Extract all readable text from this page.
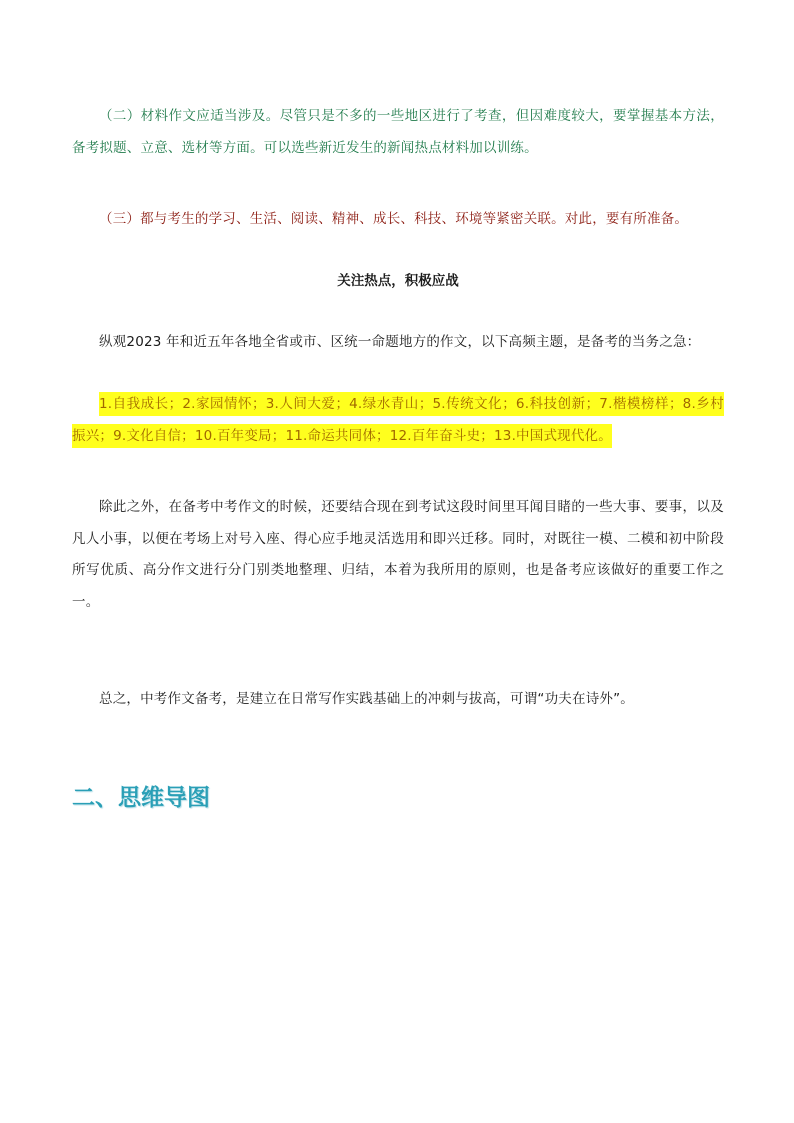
（二）材料作文应适当涉及。尽管只是不多的一些地区进行了考查，但因难度较大，要掌握基本方法，备考拟题、立意、选材等方面。可以选些新近发生的新闻热点材料加以训练。

（三）都与考生的学习、生活、阅读、精神、成长、科技、环境等紧密关联。对此，要有所准备。

关注热点，积极应战

纵观2023 年和近五年各地全省或市、区统一命题地方的作文，以下高频主题，是备考的当务之急：

1.自我成长；2.家园情怀；3.人间大爱；4.绿水青山；5.传统文化；6.科技创新；7.楷模榜样；8.乡村振兴；9.文化自信；10.百年变局；11.命运共同体；12.百年奋斗史；13.中国式现代化。

除此之外，在备考中考作文的时候，还要结合现在到考试这段时间里耳闻目睹的一些大事、要事，以及凡人小事，以便在考场上对号入座、得心应手地灵活选用和即兴迁移。同时，对既往一模、二模和初中阶段所写优质、高分作文进行分门别类地整理、归结，本着为我所用的原则，也是备考应该做好的重要工作之一。

总之，中考作文备考，是建立在日常写作实践基础上的冲刺与拔高，可谓“功夫在诗外”。

二、思维导图
